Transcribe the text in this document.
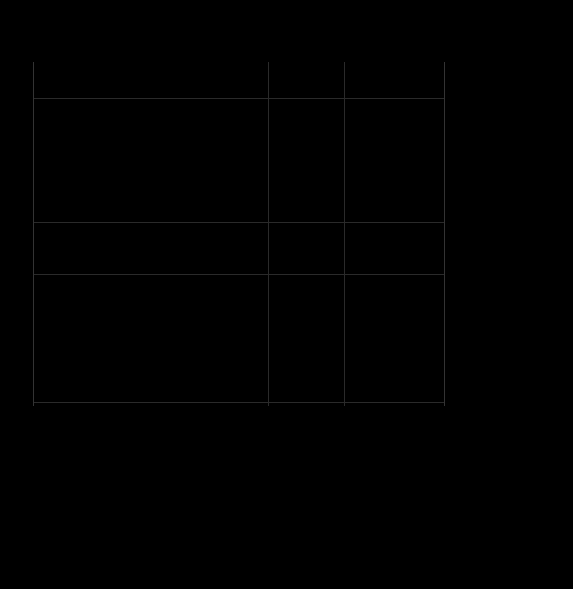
Taulukko 1. Pellon julkisten palveluiden keskimääräiset kustannukset vuonna 2016
Perusopetus	9 006,0 Oppilas
Lukiokoulutus	7 651,0 Opiskelija
Ammatillinen peruskoulutus	11 180,0 Opiskelija
Ammattikorkeakoulutus	8 075,0 Opiskelija
Yliopistokoulutuksen laajuusosuus	9 393,0 Opiskelija
Yleiset kirjastot	5,0 Asukas
Lasten päivähoito$^1$	66,0 Ikäkuppiala
Vanhainkotihoito$^2$	151,0 Ikäkuppiala
Perusterveydenhuolto
- Terveyskeskuskäynti$^3$	80,1 Käynti
- Vuodeosastohoito	203,0 Ikäkuppiala
- Hammashoito	88,3 Käynti
Erikoissairaanhoito
- Somaattinen erikoissairaanhoito$^4$	1 141,0 Ikäkuppiala

1) Sisältää kuntien kustantaman oma- ja kotipäivähoitohoidon. Ikäkuppiaksen määrä on palvelusta oma- ja kotipäivähoidon osalta siten, että osapäivähoidon hoitopäivän käyttö palvelumäärä 0,6 ja kotipäivähoidon hoitopäivän kerroin on 1.

2) Perustuu kunnan suorittamaan kunnan, ns. Suomen kunnan, kustannustietoon.

3) Sisältää lääkärikäynnit, ml. sain. neuvola ja fysioterapia. Perusterveydenhuollon käyntimäärä kustannus keskimäärin 51,4 euroa/käynti.

4) Sisältää ostopalvelut ja psykiatriaan.

Lähteet: Opetushallitus, Terveyden ja hyvinvoinnin laitos, Suomen yleisten kirjastojen tilastot ja Tilastokeskus
